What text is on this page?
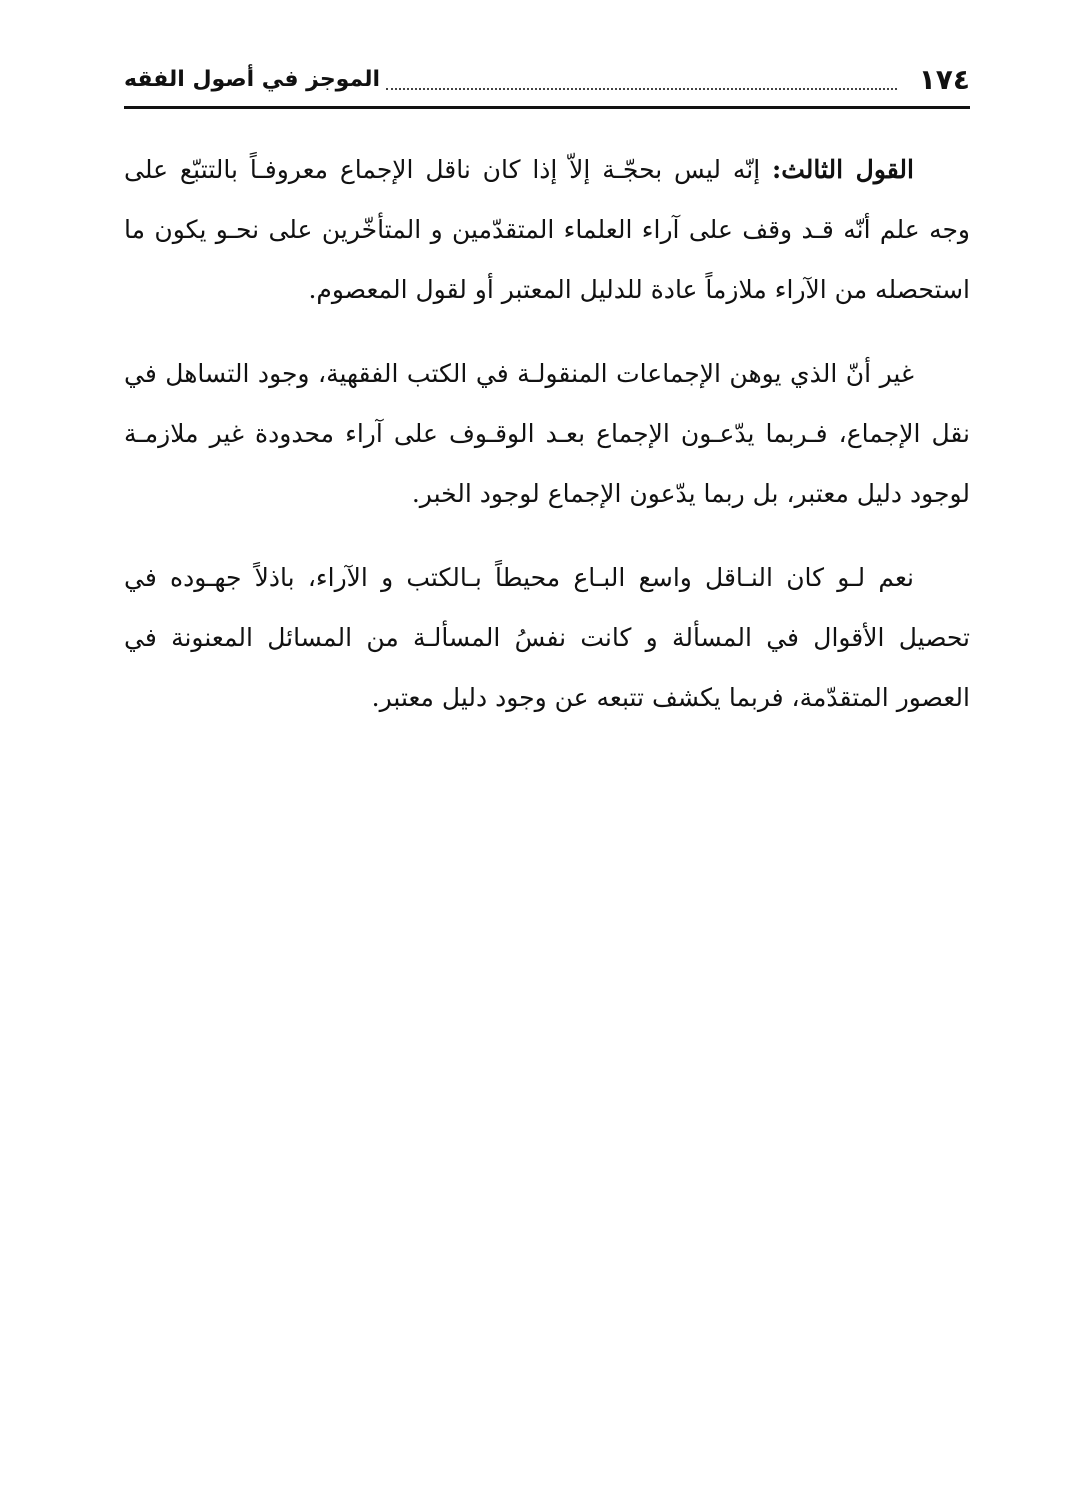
١٧٤
الموجز في أصول الفقه

القول الثالث: إنّه ليس بحجّـة إلاّ إذا كان ناقل الإجماع معروفـاً بالتتبّع على وجه علم أنّه قـد وقف على آراء العلماء المتقدّمين و المتأخّرين على نحـو يكون ما استحصله من الآراء ملازماً عادة للدليل المعتبر أو لقول المعصوم.

غير أنّ الذي يوهن الإجماعات المنقولـة في الكتب الفقهية، وجود التساهل في نقل الإجماع، فـربما يدّعـون الإجماع بعـد الوقـوف على آراء محدودة غير ملازمـة لوجود دليل معتبر، بل ربما يدّعون الإجماع لوجود الخبر.

نعم لـو كان النـاقل واسع البـاع محيطاً بـالكتب و الآراء، باذلاً جهـوده في تحصيل الأقوال في المسألة و كانت نفسُ المسألـة من المسائل المعنونة في العصور المتقدّمة، فربما يكشف تتبعه عن وجود دليل معتبر.
